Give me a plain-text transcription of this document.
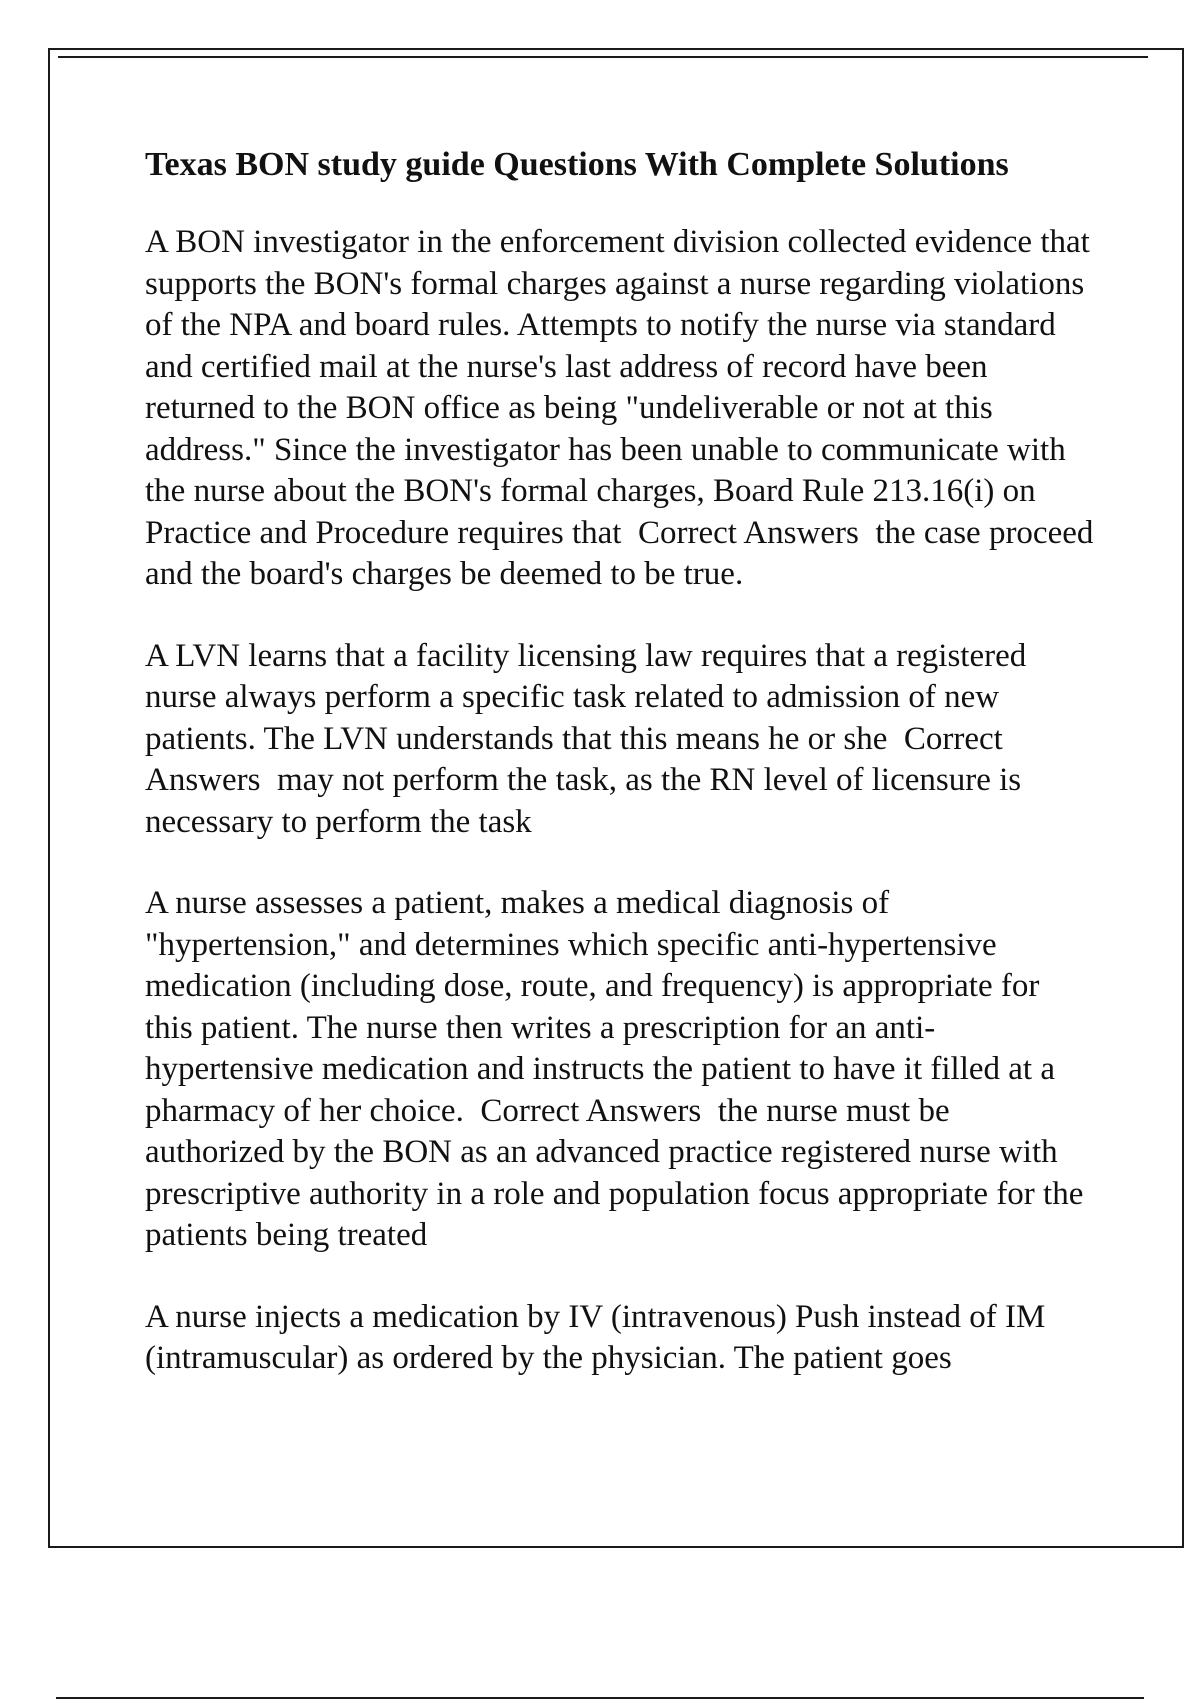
Texas BON study guide Questions With Complete Solutions
A BON investigator in the enforcement division collected evidence that supports the BON's formal charges against a nurse regarding violations of the NPA and board rules. Attempts to notify the nurse via standard and certified mail at the nurse's last address of record have been returned to the BON office as being "undeliverable or not at this address." Since the investigator has been unable to communicate with the nurse about the BON's formal charges, Board Rule 213.16(i) on Practice and Procedure requires that Correct Answers the case proceed and the board's charges be deemed to be true.
A LVN learns that a facility licensing law requires that a registered nurse always perform a specific task related to admission of new patients. The LVN understands that this means he or she Correct Answers may not perform the task, as the RN level of licensure is necessary to perform the task
A nurse assesses a patient, makes a medical diagnosis of "hypertension," and determines which specific anti-hypertensive medication (including dose, route, and frequency) is appropriate for this patient. The nurse then writes a prescription for an anti-hypertensive medication and instructs the patient to have it filled at a pharmacy of her choice. Correct Answers the nurse must be authorized by the BON as an advanced practice registered nurse with prescriptive authority in a role and population focus appropriate for the patients being treated
A nurse injects a medication by IV (intravenous) Push instead of IM (intramuscular) as ordered by the physician. The patient goes
